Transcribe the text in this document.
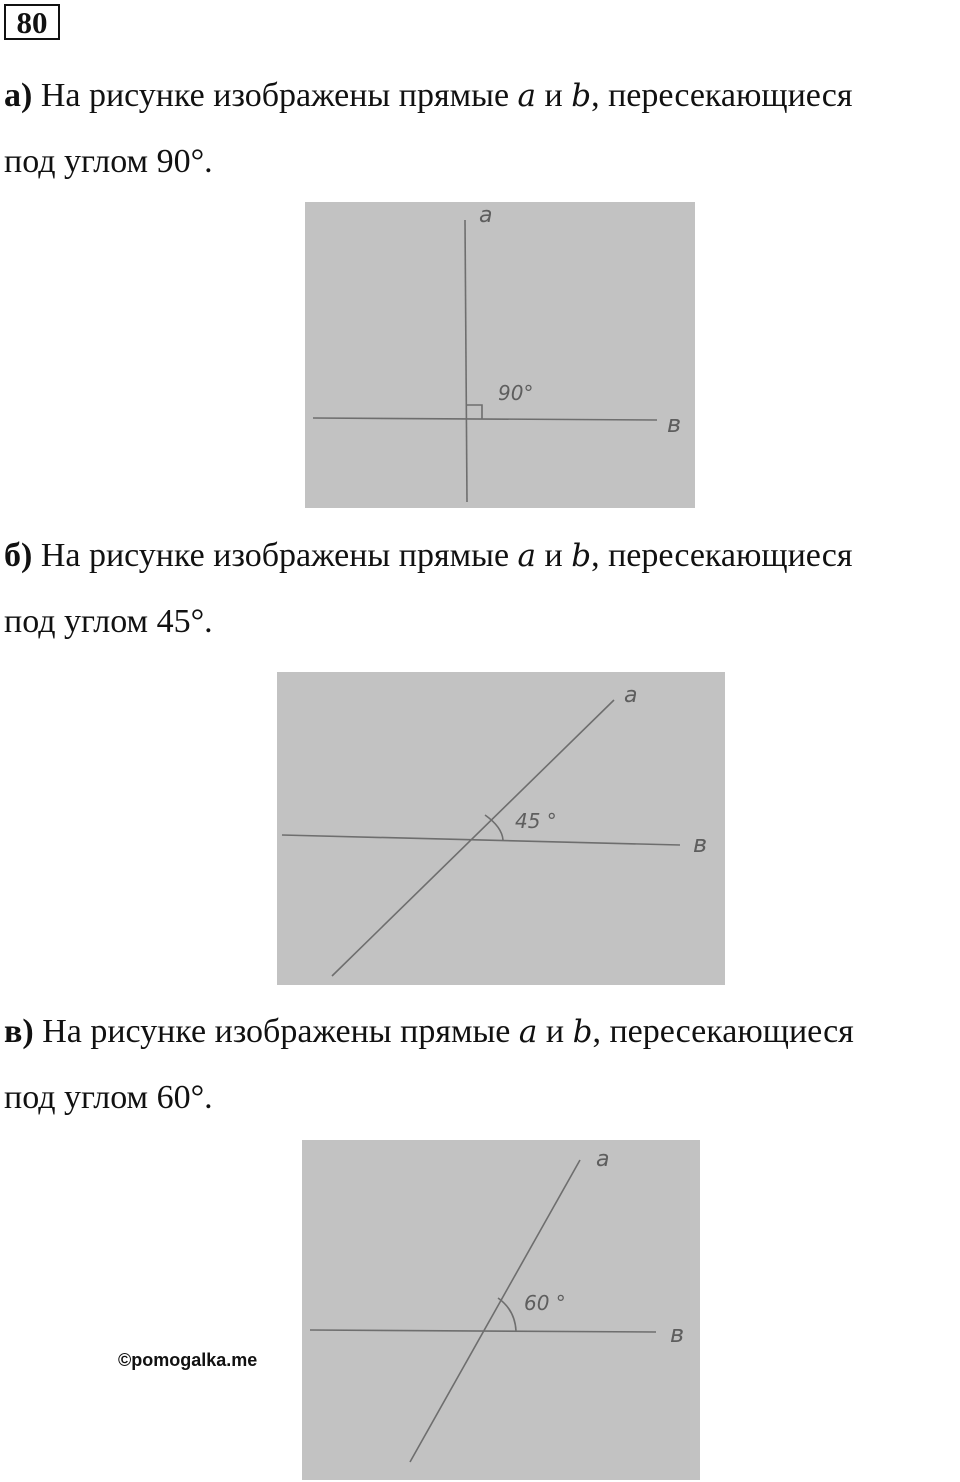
80
а) На рисунке изображены прямые a и b, пересекающиеся
под углом 90°.
a
90°
в
б) На рисунке изображены прямые a и b, пересекающиеся
под углом 45°.
a
45 °
в
в) На рисунке изображены прямые a и b, пересекающиеся
под углом 60°.
a
60 °
в
©pomogalka.me
